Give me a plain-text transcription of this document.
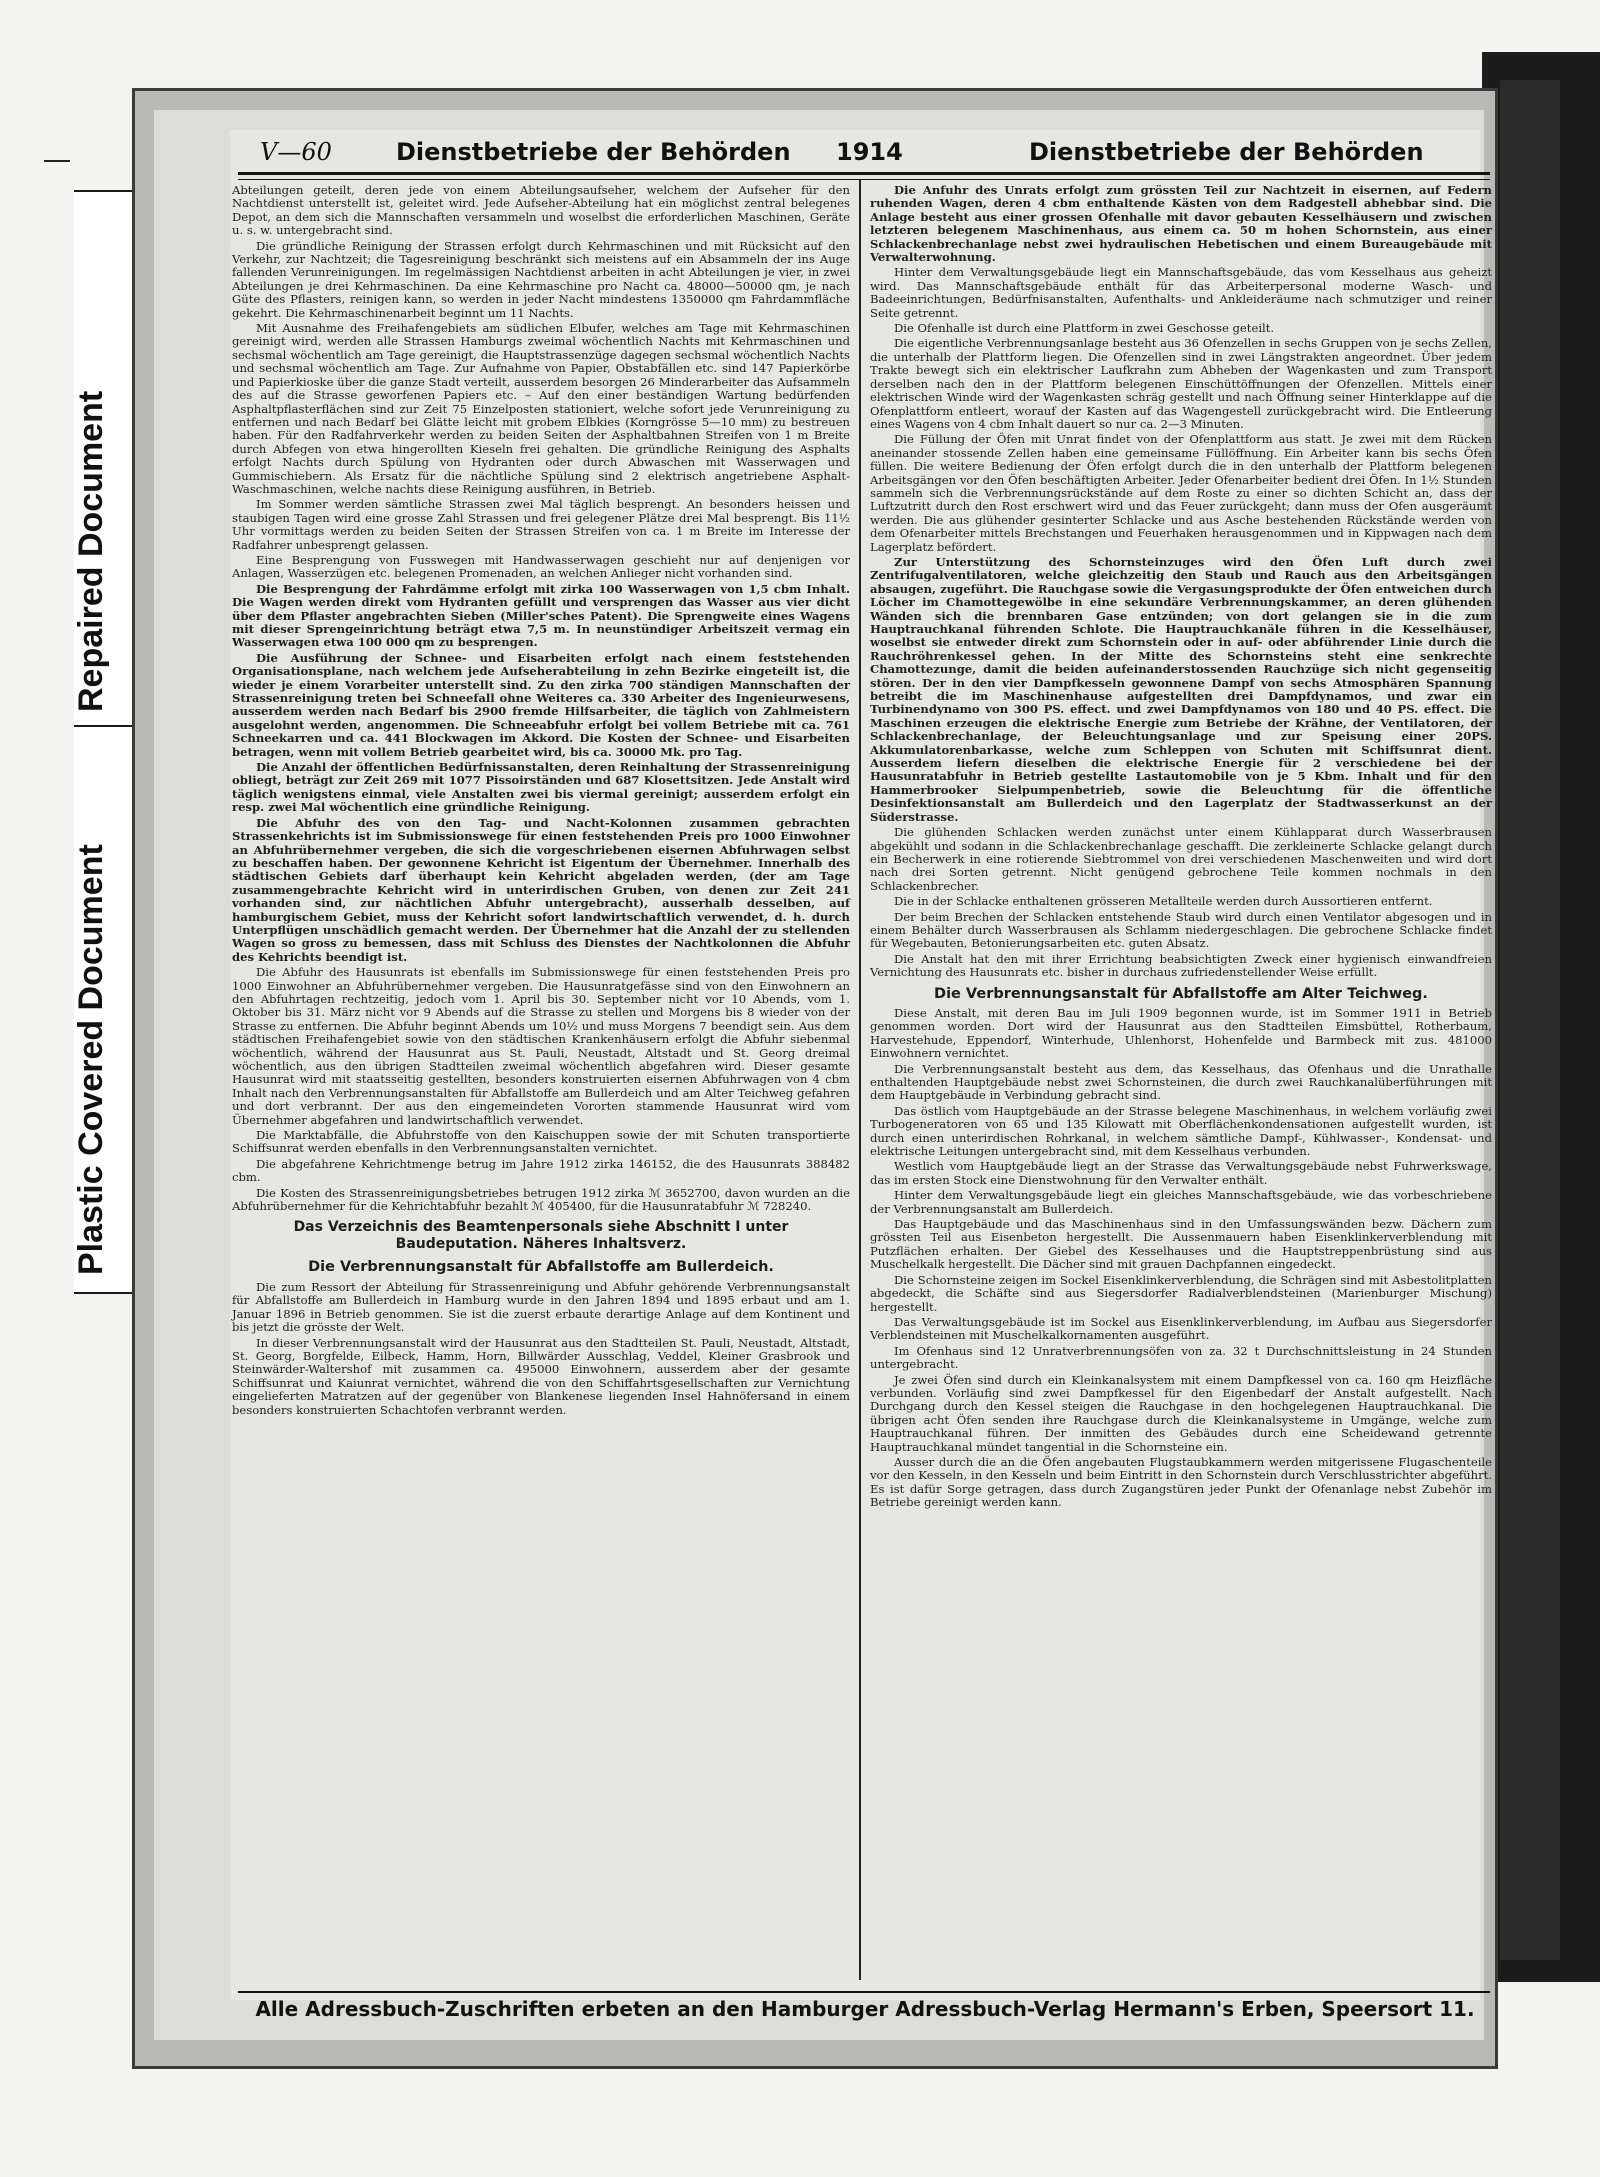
Repaired Document
Plastic Covered Document
V—60	Dienstbetriebe der Behörden 1914	Dienstbetriebe der Behörden

Abteilungen geteilt, deren jede von einem Abteilungsaufseher, welchem der Aufseher für den Nachtdienst unterstellt ist, geleitet wird. Jede Aufseher-Abteilung hat ein möglichst zentral belegenes Depot, an dem sich die Mannschaften versammeln und woselbst die erforderlichen Maschinen, Geräte u. s. w. untergebracht sind.

Die gründliche Reinigung der Strassen erfolgt durch Kehrmaschinen und mit Rücksicht auf den Verkehr, zur Nachtzeit; die Tagesreinigung beschränkt sich meistens auf ein Absammeln der ins Auge fallenden Verunreinigungen. Im regelmässigen Nachtdienst arbeiten in acht Abteilungen je vier, in zwei Abteilungen je drei Kehrmaschinen. Da eine Kehrmaschine pro Nacht ca. 48000—50000 qm, je nach Güte des Pflasters, reinigen kann, so werden in jeder Nacht mindestens 1350000 qm Fahrdammfläche gekehrt. Die Kehrmaschinenarbeit beginnt um 11 Nachts.

Mit Ausnahme des Freihafengebiets am südlichen Elbufer, welches am Tage mit Kehrmaschinen gereinigt wird, werden alle Strassen Hamburgs zweimal wöchentlich Nachts mit Kehrmaschinen und sechsmal wöchentlich am Tage gereinigt, die Hauptstrassenzüge dagegen sechsmal wöchentlich Nachts und sechsmal wöchentlich am Tage. Zur Aufnahme von Papier, Obstabfällen etc. sind 147 Papierkörbe und Papierkioske über die ganze Stadt verteilt, ausserdem besorgen 26 Minderarbeiter das Aufsammeln des auf die Strasse geworfenen Papiers etc. – Auf den einer beständigen Wartung bedürfenden Asphaltpflasterflächen sind zur Zeit 75 Einzelposten stationiert, welche sofort jede Verunreinigung zu entfernen und nach Bedarf bei Glätte leicht mit grobem Elbkies (Korngrösse 5—10 mm) zu bestreuen haben. Für den Radfahrverkehr werden zu beiden Seiten der Asphaltbahnen Streifen von 1 m Breite durch Abfegen von etwa hingerollten Kieseln frei gehalten. Die gründliche Reinigung des Asphalts erfolgt Nachts durch Spülung von Hydranten oder durch Abwaschen mit Wasserwagen und Gummischiebern. Als Ersatz für die nächtliche Spülung sind 2 elektrisch angetriebene Asphalt-Waschmaschinen, welche nachts diese Reinigung ausführen, in Betrieb.

Im Sommer werden sämtliche Strassen zwei Mal täglich besprengt. An besonders heissen und staubigen Tagen wird eine grosse Zahl Strassen und frei gelegener Plätze drei Mal besprengt. Bis 11½ Uhr vormittags werden zu beiden Seiten der Strassen Streifen von ca. 1 m Breite im Interesse der Radfahrer unbesprengt gelassen.

Eine Besprengung von Fusswegen mit Handwasserwagen geschieht nur auf denjenigen vor Anlagen, Wasserzügen etc. belegenen Promenaden, an welchen Anlieger nicht vorhanden sind.

Die Besprengung der Fahrdämme erfolgt mit zirka 100 Wasserwagen von 1,5 cbm Inhalt. Die Wagen werden direkt vom Hydranten gefüllt und versprengen das Wasser aus vier dicht über dem Pflaster angebrachten Sieben (Miller'sches Patent). Die Sprengweite eines Wagens mit dieser Sprengeinrichtung beträgt etwa 7,5 m. In neunstündiger Arbeitszeit vermag ein Wasserwagen etwa 100 000 qm zu besprengen.

Die Ausführung der Schnee- und Eisarbeiten erfolgt nach einem feststehenden Organisationsplane, nach welchem jede Aufseherabteilung in zehn Bezirke eingeteilt ist, die wieder je einem Vorarbeiter unterstellt sind. Zu den zirka 700 ständigen Mannschaften der Strassenreinigung treten bei Schneefall ohne Weiteres ca. 330 Arbeiter des Ingenieurwesens, ausserdem werden nach Bedarf bis 2900 fremde Hilfsarbeiter, die täglich von Zahlmeistern ausgelohnt werden, angenommen. Die Schneeabfuhr erfolgt bei vollem Betriebe mit ca. 761 Schneekarren und ca. 441 Blockwagen im Akkord. Die Kosten der Schnee- und Eisarbeiten betragen, wenn mit vollem Betrieb gearbeitet wird, bis ca. 30000 Mk. pro Tag.

Die Anzahl der öffentlichen Bedürfnissanstalten, deren Reinhaltung der Strassenreinigung obliegt, beträgt zur Zeit 269 mit 1077 Pissoirständen und 687 Klosettsitzen. Jede Anstalt wird täglich wenigstens einmal, viele Anstalten zwei bis viermal gereinigt; ausserdem erfolgt ein resp. zwei Mal wöchentlich eine gründliche Reinigung.

Die Abfuhr des von den Tag- und Nacht-Kolonnen zusammen gebrachten Strassenkehrichts ist im Submissionswege für einen feststehenden Preis pro 1000 Einwohner an Abfuhrübernehmer vergeben, die sich die vorgeschriebenen eisernen Abfuhrwagen selbst zu beschaffen haben. Der gewonnene Kehricht ist Eigentum der Übernehmer. Innerhalb des städtischen Gebiets darf überhaupt kein Kehricht abgeladen werden, (der am Tage zusammengebrachte Kehricht wird in unterirdischen Gruben, von denen zur Zeit 241 vorhanden sind, zur nächtlichen Abfuhr untergebracht), ausserhalb desselben, auf hamburgischem Gebiet, muss der Kehricht sofort landwirtschaftlich verwendet, d. h. durch Unterpflügen unschädlich gemacht werden. Der Übernehmer hat die Anzahl der zu stellenden Wagen so gross zu bemessen, dass mit Schluss des Dienstes der Nachtkolonnen die Abfuhr des Kehrichts beendigt ist.

Die Abfuhr des Hausunrats ist ebenfalls im Submissionswege für einen feststehenden Preis pro 1000 Einwohner an Abfuhrübernehmer vergeben. Die Hausunratgefässe sind von den Einwohnern an den Abfuhrtagen rechtzeitig, jedoch vom 1. April bis 30. September nicht vor 10 Abends, vom 1. Oktober bis 31. März nicht vor 9 Abends auf die Strasse zu stellen und Morgens bis 8 wieder von der Strasse zu entfernen. Die Abfuhr beginnt Abends um 10½ und muss Morgens 7 beendigt sein. Aus dem städtischen Freihafengebiet sowie von den städtischen Krankenhäusern erfolgt die Abfuhr siebenmal wöchentlich, während der Hausunrat aus St. Pauli, Neustadt, Altstadt und St. Georg dreimal wöchentlich, aus den übrigen Stadtteilen zweimal wöchentlich abgefahren wird. Dieser gesamte Hausunrat wird mit staatsseitig gestellten, besonders konstruierten eisernen Abfuhrwagen von 4 cbm Inhalt nach den Verbrennungsanstalten für Abfallstoffe am Bullerdeich und am Alter Teichweg gefahren und dort verbrannt. Der aus den eingemeindeten Vororten stammende Hausunrat wird vom Übernehmer abgefahren und landwirtschaftlich verwendet.

Die Marktabfälle, die Abfuhrstoffe von den Kaischuppen sowie der mit Schuten transportierte Schiffsunrat werden ebenfalls in den Verbrennungsanstalten vernichtet.

Die abgefahrene Kehrichtmenge betrug im Jahre 1912 zirka 146152, die des Hausunrats 388482 cbm.

Die Kosten des Strassenreinigungsbetriebes betrugen 1912 zirka ℳ 3652700, davon wurden an die Abfuhrübernehmer für die Kehrichtabfuhr bezahlt ℳ 405400, für die Hausunratabfuhr ℳ 728240.

Das Verzeichnis des Beamtenpersonals siehe Abschnitt I unter Baudeputation. Näheres Inhaltsverz.
Die Verbrennungsanstalt für Abfallstoffe am Bullerdeich.

Die zum Ressort der Abteilung für Strassenreinigung und Abfuhr gehörende Verbrennungsanstalt für Abfallstoffe am Bullerdeich in Hamburg wurde in den Jahren 1894 und 1895 erbaut und am 1. Januar 1896 in Betrieb genommen. Sie ist die zuerst erbaute derartige Anlage auf dem Kontinent und bis jetzt die grösste der Welt.

In dieser Verbrennungsanstalt wird der Hausunrat aus den Stadtteilen St. Pauli, Neustadt, Altstadt, St. Georg, Borgfelde, Eilbeck, Hamm, Horn, Billwärder Ausschlag, Veddel, Kleiner Grasbrook und Steinwärder-Waltershof mit zusammen ca. 495000 Einwohnern, ausserdem aber der gesamte Schiffsunrat und Kaiunrat vernichtet, während die von den Schiffahrtsgesellschaften zur Vernichtung eingelieferten Matratzen auf der gegenüber von Blankenese liegenden Insel Hahnöfersand in einem besonders konstruierten Schachtofen verbrannt werden.

Die Anfuhr des Unrats erfolgt zum grössten Teil zur Nachtzeit in eisernen, auf Federn ruhenden Wagen, deren 4 cbm enthaltende Kästen von dem Radgestell abhebbar sind. Die Anlage besteht aus einer grossen Ofenhalle mit davor gebauten Kesselhäusern und zwischen letzteren belegenem Maschinenhaus, aus einem ca. 50 m hohen Schornstein, aus einer Schlackenbrechanlage nebst zwei hydraulischen Hebetischen und einem Bureaugebäude mit Verwalterwohnung.

Hinter dem Verwaltungsgebäude liegt ein Mannschaftsgebäude, das vom Kesselhaus aus geheizt wird. Das Mannschaftsgebäude enthält für das Arbeiterpersonal moderne Wasch- und Badeeinrichtungen, Bedürfnisanstalten, Aufenthalts- und Ankleideräume nach schmutziger und reiner Seite getrennt.

Die Ofenhalle ist durch eine Plattform in zwei Geschosse geteilt.

Die eigentliche Verbrennungsanlage besteht aus 36 Ofenzellen in sechs Gruppen von je sechs Zellen, die unterhalb der Plattform liegen. Die Ofenzellen sind in zwei Längstrakten angeordnet. Über jedem Trakte bewegt sich ein elektrischer Laufkrahn zum Abheben der Wagenkasten und zum Transport derselben nach den in der Plattform belegenen Einschüttöffnungen der Ofenzellen. Mittels einer elektrischen Winde wird der Wagenkasten schräg gestellt und nach Öffnung seiner Hinterklappe auf die Ofenplattform entleert, worauf der Kasten auf das Wagengestell zurückgebracht wird. Die Entleerung eines Wagens von 4 cbm Inhalt dauert so nur ca. 2—3 Minuten.

Die Füllung der Öfen mit Unrat findet von der Ofenplattform aus statt. Je zwei mit dem Rücken aneinander stossende Zellen haben eine gemeinsame Füllöffnung. Ein Arbeiter kann bis sechs Öfen füllen. Die weitere Bedienung der Öfen erfolgt durch die in den unterhalb der Plattform belegenen Arbeitsgängen vor den Öfen beschäftigten Arbeiter. Jeder Ofenarbeiter bedient drei Öfen. In 1½ Stunden sammeln sich die Verbrennungsrückstände auf dem Roste zu einer so dichten Schicht an, dass der Luftzutritt durch den Rost erschwert wird und das Feuer zurückgeht; dann muss der Ofen ausgeräumt werden. Die aus glühender gesinterter Schlacke und aus Asche bestehenden Rückstände werden von dem Ofenarbeiter mittels Brechstangen und Feuerhaken herausgenommen und in Kippwagen nach dem Lagerplatz befördert.

Zur Unterstützung des Schornsteinzuges wird den Öfen Luft durch zwei Zentrifugalventilatoren, welche gleichzeitig den Staub und Rauch aus den Arbeitsgängen absaugen, zugeführt. Die Rauchgase sowie die Vergasungsprodukte der Öfen entweichen durch Löcher im Chamottegewölbe in eine sekundäre Verbrennungskammer, an deren glühenden Wänden sich die brennbaren Gase entzünden; von dort gelangen sie in die zum Hauptrauchkanal führenden Schlote. Die Hauptrauchkanäle führen in die Kesselhäuser, woselbst sie entweder direkt zum Schornstein oder in auf- oder abführender Linie durch die Rauchröhrenkessel gehen. In der Mitte des Schornsteins steht eine senkrechte Chamottezunge, damit die beiden aufeinanderstossenden Rauchzüge sich nicht gegenseitig stören. Der in den vier Dampfkesseln gewonnene Dampf von sechs Atmosphären Spannung betreibt die im Maschinenhause aufgestellten drei Dampfdynamos, und zwar ein Turbinendynamo von 300 PS. effect. und zwei Dampfdynamos von 180 und 40 PS. effect. Die Maschinen erzeugen die elektrische Energie zum Betriebe der Krähne, der Ventilatoren, der Schlackenbrechanlage, der Beleuchtungsanlage und zur Speisung einer 20PS. Akkumulatorenbarkasse, welche zum Schleppen von Schuten mit Schiffsunrat dient. Ausserdem liefern dieselben die elektrische Energie für 2 verschiedene bei der Hausunratabfuhr in Betrieb gestellte Lastautomobile von je 5 Kbm. Inhalt und für den Hammerbrooker Sielpumpenbetrieb, sowie die Beleuchtung für die öffentliche Desinfektionsanstalt am Bullerdeich und den Lagerplatz der Stadtwasserkunst an der Süderstrasse.

Die glühenden Schlacken werden zunächst unter einem Kühlapparat durch Wasserbrausen abgekühlt und sodann in die Schlackenbrechanlage geschafft. Die zerkleinerte Schlacke gelangt durch ein Becherwerk in eine rotierende Siebtrommel von drei verschiedenen Maschenweiten und wird dort nach drei Sorten getrennt. Nicht genügend gebrochene Teile kommen nochmals in den Schlackenbrecher.

Die in der Schlacke enthaltenen grösseren Metallteile werden durch Aussortieren entfernt.

Der beim Brechen der Schlacken entstehende Staub wird durch einen Ventilator abgesogen und in einem Behälter durch Wasserbrausen als Schlamm niedergeschlagen. Die gebrochene Schlacke findet für Wegebauten, Betonierungsarbeiten etc. guten Absatz.

Die Anstalt hat den mit ihrer Errichtung beabsichtigten Zweck einer hygienisch einwandfreien Vernichtung des Hausunrats etc. bisher in durchaus zufriedenstellender Weise erfüllt.

Die Verbrennungsanstalt für Abfallstoffe am Alter Teichweg.

Diese Anstalt, mit deren Bau im Juli 1909 begonnen wurde, ist im Sommer 1911 in Betrieb genommen worden. Dort wird der Hausunrat aus den Stadtteilen Eimsbüttel, Rotherbaum, Harvestehude, Eppendorf, Winterhude, Uhlenhorst, Hohenfelde und Barmbeck mit zus. 481000 Einwohnern vernichtet.

Die Verbrennungsanstalt besteht aus dem, das Kesselhaus, das Ofenhaus und die Unrathalle enthaltenden Hauptgebäude nebst zwei Schornsteinen, die durch zwei Rauchkanalüberführungen mit dem Hauptgebäude in Verbindung gebracht sind.

Das östlich vom Hauptgebäude an der Strasse belegene Maschinenhaus, in welchem vorläufig zwei Turbogeneratoren von 65 und 135 Kilowatt mit Oberflächenkondensationen aufgestellt wurden, ist durch einen unterirdischen Rohrkanal, in welchem sämtliche Dampf-, Kühlwasser-, Kondensat- und elektrische Leitungen untergebracht sind, mit dem Kesselhaus verbunden.

Westlich vom Hauptgebäude liegt an der Strasse das Verwaltungsgebäude nebst Fuhrwerkswage, das im ersten Stock eine Dienstwohnung für den Verwalter enthält.

Hinter dem Verwaltungsgebäude liegt ein gleiches Mannschaftsgebäude, wie das vorbeschriebene der Verbrennungsanstalt am Bullerdeich.

Das Hauptgebäude und das Maschinenhaus sind in den Umfassungswänden bezw. Dächern zum grössten Teil aus Eisenbeton hergestellt. Die Aussenmauern haben Eisenklinkerverblendung mit Putzflächen erhalten. Der Giebel des Kesselhauses und die Hauptstreppenbrüstung sind aus Muschelkalk hergestellt. Die Dächer sind mit grauen Dachpfannen eingedeckt.

Die Schornsteine zeigen im Sockel Eisenklinkerverblendung, die Schrägen sind mit Asbestolitplatten abgedeckt, die Schäfte sind aus Siegersdorfer Radialverblendsteinen (Marienburger Mischung) hergestellt.

Das Verwaltungsgebäude ist im Sockel aus Eisenklinkerverblendung, im Aufbau aus Siegersdorfer Verblendsteinen mit Muschelkalkornamenten ausgeführt.

Im Ofenhaus sind 12 Unratverbrennungsöfen von za. 32 t Durchschnittsleistung in 24 Stunden untergebracht.

Je zwei Öfen sind durch ein Kleinkanalsystem mit einem Dampfkessel von ca. 160 qm Heizfläche verbunden. Vorläufig sind zwei Dampfkessel für den Eigenbedarf der Anstalt aufgestellt. Nach Durchgang durch den Kessel steigen die Rauchgase in den hochgelegenen Hauptrauchkanal. Die übrigen acht Öfen senden ihre Rauchgase durch die Kleinkanalsysteme in Umgänge, welche zum Hauptrauchkanal führen. Der inmitten des Gebäudes durch eine Scheidewand getrennte Hauptrauchkanal mündet tangential in die Schornsteine ein.

Ausser durch die an die Öfen angebauten Flugstaubkammern werden mitgerissene Flugaschenteile vor den Kesseln, in den Kesseln und beim Eintritt in den Schornstein durch Verschlusstrichter abgeführt. Es ist dafür Sorge getragen, dass durch Zugangstüren jeder Punkt der Ofenanlage nebst Zubehör im Betriebe gereinigt werden kann.

Alle Adressbuch-Zuschriften erbeten an den Hamburger Adressbuch-Verlag Hermann's Erben, Speersort 11.
